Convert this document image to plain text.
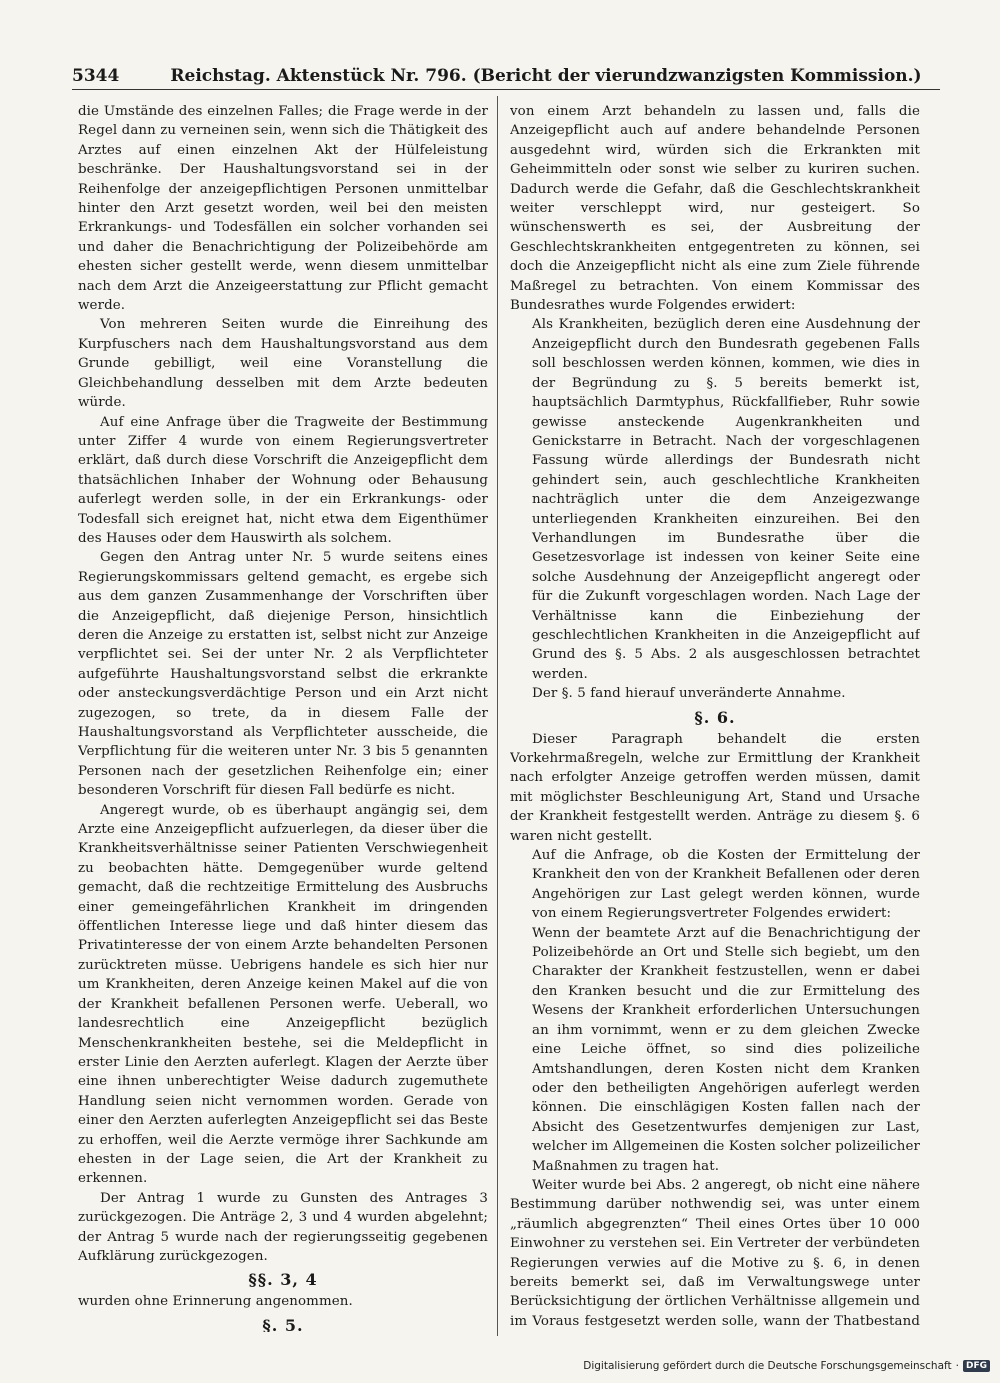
5344	Reichstag. Aktenstück Nr. 796. (Bericht der vierundzwanzigsten Kommission.)

die Umstände des einzelnen Falles; die Frage werde in der Regel dann zu verneinen sein, wenn sich die Thätigkeit des Arztes auf einen einzelnen Akt der Hülfeleistung beschränke. Der Haushaltungsvorstand sei in der Reihenfolge der anzeigepflichtigen Personen unmittelbar hinter den Arzt gesetzt worden, weil bei den meisten Erkrankungs- und Todesfällen ein solcher vorhanden sei und daher die Benachrichtigung der Polizeibehörde am ehesten sicher gestellt werde, wenn diesem unmittelbar nach dem Arzt die Anzeigeerstattung zur Pflicht gemacht werde.

Von mehreren Seiten wurde die Einreihung des Kurpfuschers nach dem Haushaltungsvorstand aus dem Grunde gebilligt, weil eine Voranstellung die Gleichbehandlung desselben mit dem Arzte bedeuten würde.

Auf eine Anfrage über die Tragweite der Bestimmung unter Ziffer 4 wurde von einem Regierungsvertreter erklärt, daß durch diese Vorschrift die Anzeigepflicht dem thatsächlichen Inhaber der Wohnung oder Behausung auferlegt werden solle, in der ein Erkrankungs- oder Todesfall sich ereignet hat, nicht etwa dem Eigenthümer des Hauses oder dem Hauswirth als solchem.

Gegen den Antrag unter Nr. 5 wurde seitens eines Regierungskommissars geltend gemacht, es ergebe sich aus dem ganzen Zusammenhange der Vorschriften über die Anzeigepflicht, daß diejenige Person, hinsichtlich deren die Anzeige zu erstatten ist, selbst nicht zur Anzeige verpflichtet sei. Sei der unter Nr. 2 als Verpflichteter aufgeführte Haushaltungsvorstand selbst die erkrankte oder ansteckungsverdächtige Person und ein Arzt nicht zugezogen, so trete, da in diesem Falle der Haushaltungsvorstand als Verpflichteter ausscheide, die Verpflichtung für die weiteren unter Nr. 3 bis 5 genannten Personen nach der gesetzlichen Reihenfolge ein; einer besonderen Vorschrift für diesen Fall bedürfe es nicht.

Angeregt wurde, ob es überhaupt angängig sei, dem Arzte eine Anzeigepflicht aufzuerlegen, da dieser über die Krankheitsverhältnisse seiner Patienten Verschwiegenheit zu beobachten hätte. Demgegenüber wurde geltend gemacht, daß die rechtzeitige Ermittelung des Ausbruchs einer gemeingefährlichen Krankheit im dringenden öffentlichen Interesse liege und daß hinter diesem das Privatinteresse der von einem Arzte behandelten Personen zurücktreten müsse. Uebrigens handele es sich hier nur um Krankheiten, deren Anzeige keinen Makel auf die von der Krankheit befallenen Personen werfe. Ueberall, wo landesrechtlich eine Anzeigepflicht bezüglich Menschenkrankheiten bestehe, sei die Meldepflicht in erster Linie den Aerzten auferlegt. Klagen der Aerzte über eine ihnen unberechtigter Weise dadurch zugemuthete Handlung seien nicht vernommen worden. Gerade von einer den Aerzten auferlegten Anzeigepflicht sei das Beste zu erhoffen, weil die Aerzte vermöge ihrer Sachkunde am ehesten in der Lage seien, die Art der Krankheit zu erkennen.

Der Antrag 1 wurde zu Gunsten des Antrages 3 zurückgezogen. Die Anträge 2, 3 und 4 wurden abgelehnt; der Antrag 5 wurde nach der regierungsseitig gegebenen Aufklärung zurückgezogen.

§§. 3, 4

wurden ohne Erinnerung angenommen.

§. 5.

von einem Arzt behandeln zu lassen und, falls die Anzeigepflicht auch auf andere behandelnde Personen ausgedehnt wird, würden sich die Erkrankten mit Geheimmitteln oder sonst wie selber zu kuriren suchen. Dadurch werde die Gefahr, daß die Geschlechtskrankheit weiter verschleppt wird, nur gesteigert. So wünschenswerth es sei, der Ausbreitung der Geschlechtskrankheiten entgegentreten zu können, sei doch die Anzeigepflicht nicht als eine zum Ziele führende Maßregel zu betrachten. Von einem Kommissar des Bundesrathes wurde Folgendes erwidert:

Als Krankheiten, bezüglich deren eine Ausdehnung der Anzeigepflicht durch den Bundesrath gegebenen Falls soll beschlossen werden können, kommen, wie dies in der Begründung zu §. 5 bereits bemerkt ist, hauptsächlich Darmtyphus, Rückfallfieber, Ruhr sowie gewisse ansteckende Augenkrankheiten und Genickstarre in Betracht. Nach der vorgeschlagenen Fassung würde allerdings der Bundesrath nicht gehindert sein, auch geschlechtliche Krankheiten nachträglich unter die dem Anzeigezwange unterliegenden Krankheiten einzureihen. Bei den Verhandlungen im Bundesrathe über die Gesetzesvorlage ist indessen von keiner Seite eine solche Ausdehnung der Anzeigepflicht angeregt oder für die Zukunft vorgeschlagen worden. Nach Lage der Verhältnisse kann die Einbeziehung der geschlechtlichen Krankheiten in die Anzeigepflicht auf Grund des §. 5 Abs. 2 als ausgeschlossen betrachtet werden.

Der §. 5 fand hierauf unveränderte Annahme.

§. 6.

Dieser Paragraph behandelt die ersten Vorkehrmaßregeln, welche zur Ermittlung der Krankheit nach erfolgter Anzeige getroffen werden müssen, damit mit möglichster Beschleunigung Art, Stand und Ursache der Krankheit festgestellt werden. Anträge zu diesem §. 6 waren nicht gestellt.

Auf die Anfrage, ob die Kosten der Ermittelung der Krankheit den von der Krankheit Befallenen oder deren Angehörigen zur Last gelegt werden können, wurde von einem Regierungsvertreter Folgendes erwidert:

Wenn der beamtete Arzt auf die Benachrichtigung der Polizeibehörde an Ort und Stelle sich begiebt, um den Charakter der Krankheit festzustellen, wenn er dabei den Kranken besucht und die zur Ermittelung des Wesens der Krankheit erforderlichen Untersuchungen an ihm vornimmt, wenn er zu dem gleichen Zwecke eine Leiche öffnet, so sind dies polizeiliche Amtshandlungen, deren Kosten nicht dem Kranken oder den betheiligten Angehörigen auferlegt werden können. Die einschlägigen Kosten fallen nach der Absicht des Gesetzentwurfes demjenigen zur Last, welcher im Allgemeinen die Kosten solcher polizeilicher Maßnahmen zu tragen hat.

Weiter wurde bei Abs. 2 angeregt, ob nicht eine nähere Bestimmung darüber nothwendig sei, was unter einem „räumlich abgegrenzten“ Theil eines Ortes über 10 000 Einwohner zu verstehen sei. Ein Vertreter der verbündeten Regierungen verwies auf die Motive zu §. 6, in denen bereits bemerkt sei, daß im Verwaltungswege unter Berücksichtigung der örtlichen Verhältnisse allgemein und im Voraus festgesetzt werden solle, wann der Thatbestand

Digitalisierung gefördert durch die Deutsche Forschungsgemeinschaft · DFG
